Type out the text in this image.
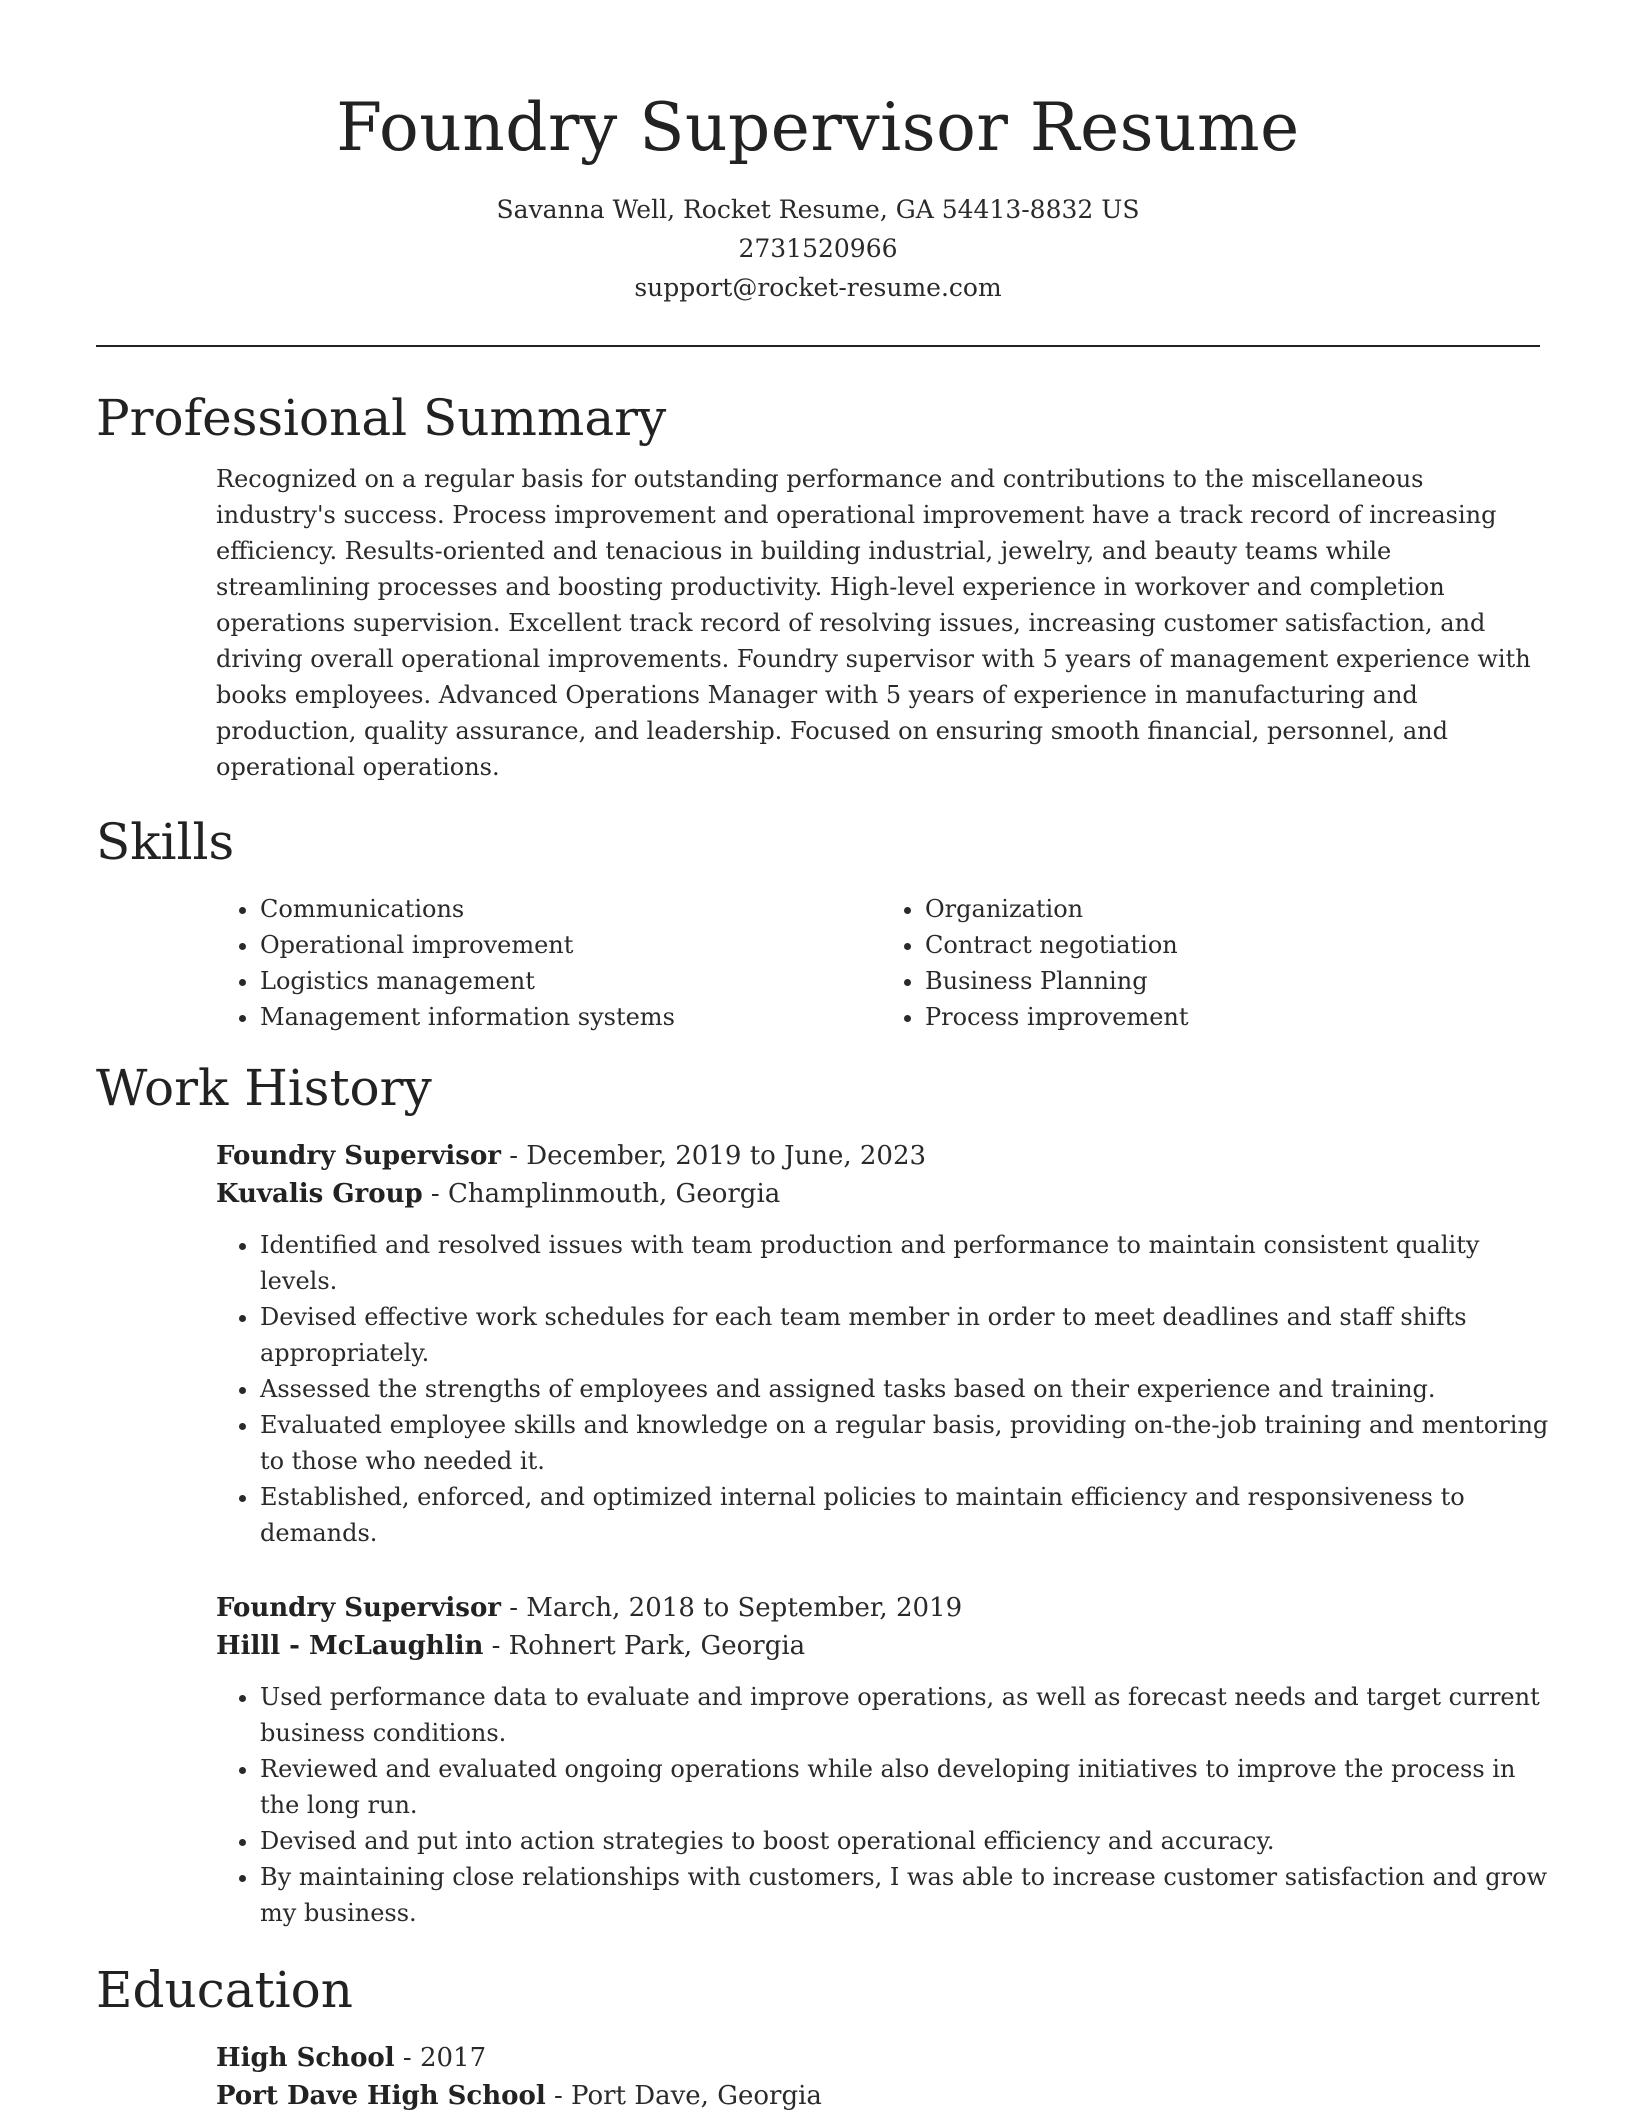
Foundry Supervisor Resume
Savanna Well, Rocket Resume, GA 54413-8832 US
2731520966
support@rocket-resume.com
Professional Summary

Recognized on a regular basis for outstanding performance and contributions to the miscellaneous industry's success. Process improvement and operational improvement have a track record of increasing efficiency. Results-oriented and tenacious in building industrial, jewelry, and beauty teams while streamlining processes and boosting productivity. High-level experience in workover and completion operations supervision. Excellent track record of resolving issues, increasing customer satisfaction, and driving overall operational improvements. Foundry supervisor with 5 years of management experience with books employees. Advanced Operations Manager with 5 years of experience in manufacturing and production, quality assurance, and leadership. Focused on ensuring smooth financial, personnel, and operational operations.

Skills
• Communications
• Operational improvement
• Logistics management
• Management information systems
• Organization
• Contract negotiation
• Business Planning
• Process improvement
Work History
Foundry Supervisor - December, 2019 to June, 2023
Kuvalis Group - Champlinmouth, Georgia
• Identified and resolved issues with team production and performance to maintain consistent quality levels.
• Devised effective work schedules for each team member in order to meet deadlines and staff shifts appropriately.
• Assessed the strengths of employees and assigned tasks based on their experience and training.
• Evaluated employee skills and knowledge on a regular basis, providing on-the-job training and mentoring to those who needed it.
• Established, enforced, and optimized internal policies to maintain efficiency and responsiveness to demands.
Foundry Supervisor - March, 2018 to September, 2019
Hilll - McLaughlin - Rohnert Park, Georgia
• Used performance data to evaluate and improve operations, as well as forecast needs and target current business conditions.
• Reviewed and evaluated ongoing operations while also developing initiatives to improve the process in the long run.
• Devised and put into action strategies to boost operational efficiency and accuracy.
• By maintaining close relationships with customers, I was able to increase customer satisfaction and grow my business.
Education
High School - 2017
Port Dave High School - Port Dave, Georgia
